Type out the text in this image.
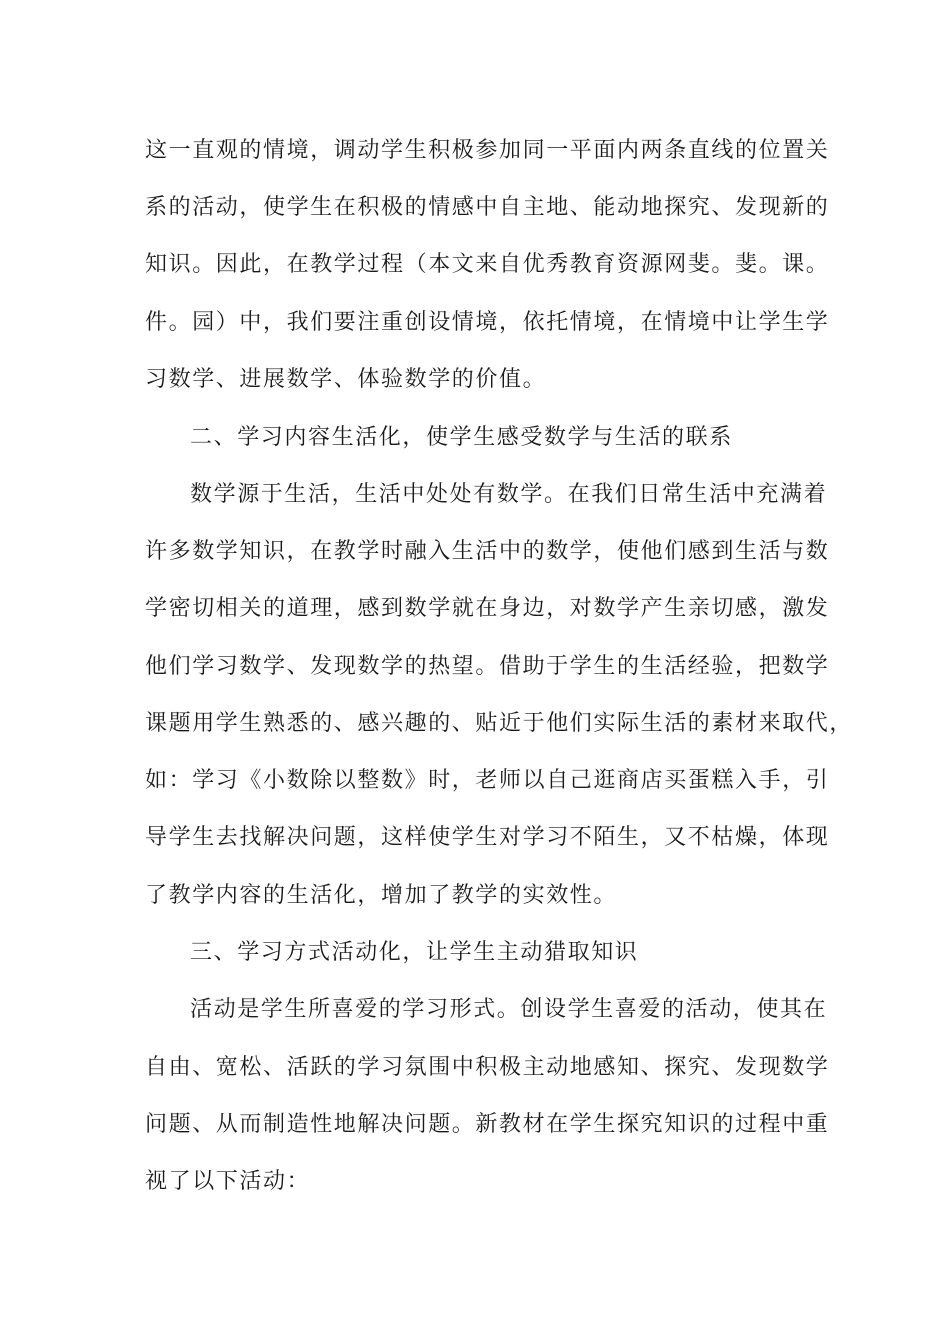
这一直观的情境，调动学生积极参加同一平面内两条直线的位置关
系的活动，使学生在积极的情感中自主地、能动地探究、发现新的
知识。因此，在教学过程（本文来自优秀教育资源网斐。斐。课。
件。园）中，我们要注重创设情境，依托情境，在情境中让学生学
习数学、进展数学、体验数学的价值。
二、学习内容生活化，使学生感受数学与生活的联系
数学源于生活，生活中处处有数学。在我们日常生活中充满着
许多数学知识，在教学时融入生活中的数学，使他们感到生活与数
学密切相关的道理，感到数学就在身边，对数学产生亲切感，激发
他们学习数学、发现数学的热望。借助于学生的生活经验，把数学
课题用学生熟悉的、感兴趣的、贴近于他们实际生活的素材来取代，
如：学习《小数除以整数》时，老师以自己逛商店买蛋糕入手，引
导学生去找解决问题，这样使学生对学习不陌生，又不枯燥，体现
了教学内容的生活化，增加了教学的实效性。
三、学习方式活动化，让学生主动猎取知识
活动是学生所喜爱的学习形式。创设学生喜爱的活动，使其在
自由、宽松、活跃的学习氛围中积极主动地感知、探究、发现数学
问题、从而制造性地解决问题。新教材在学生探究知识的过程中重
视了以下活动：
